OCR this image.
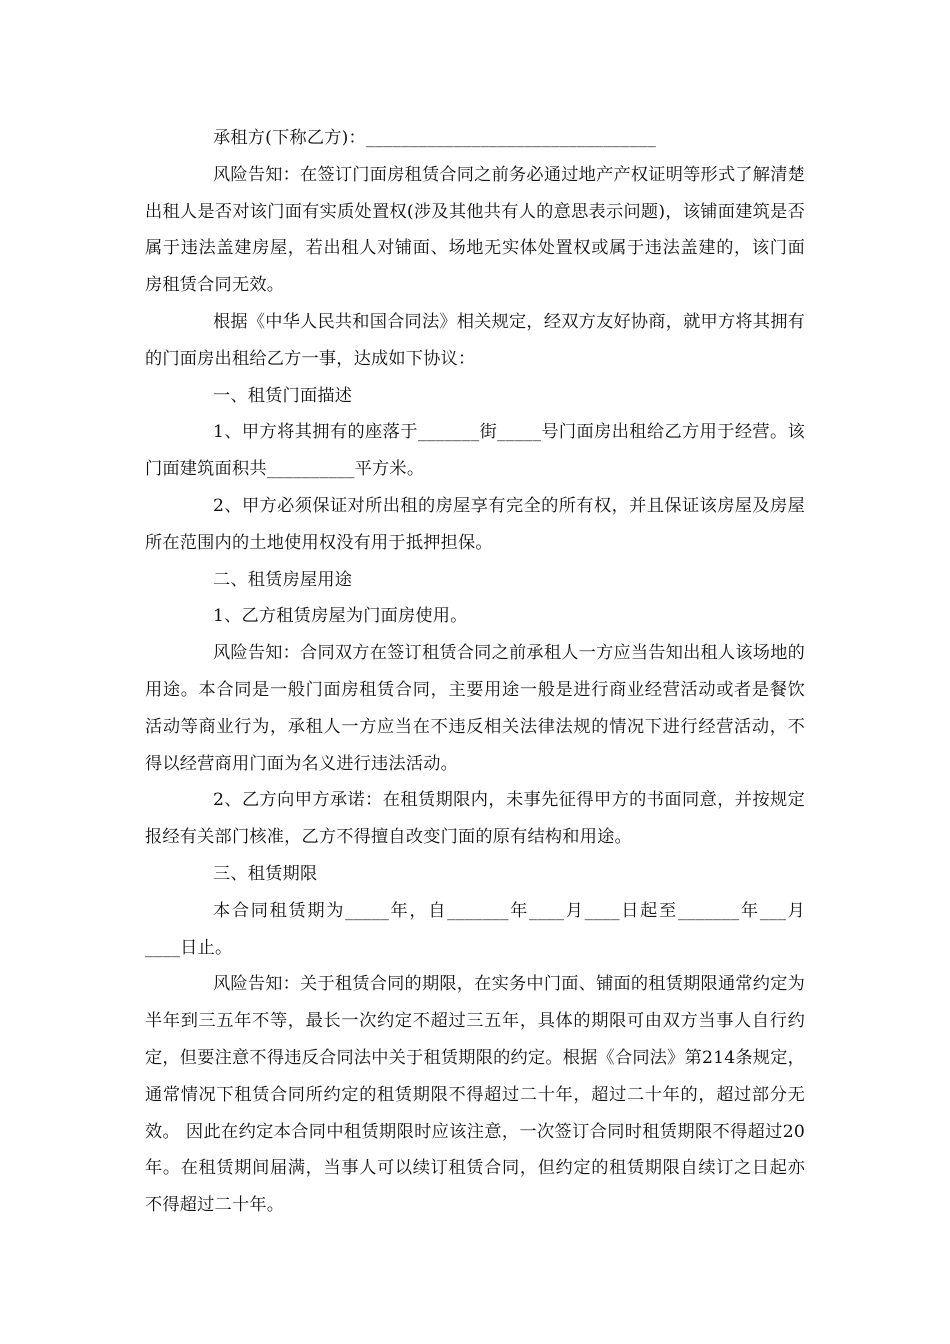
承租方(下称乙方)：_________________________________

风险告知：在签订门面房租赁合同之前务必通过地产产权证明等形式了解清楚出租人是否对该门面有实质处置权(涉及其他共有人的意思表示问题)，该铺面建筑是否属于违法盖建房屋，若出租人对铺面、场地无实体处置权或属于违法盖建的，该门面房租赁合同无效。

根据《中华人民共和国合同法》相关规定，经双方友好协商，就甲方将其拥有的门面房出租给乙方一事，达成如下协议：

一、租赁门面描述

1、甲方将其拥有的座落于_______街_____号门面房出租给乙方用于经营。该门面建筑面积共__________平方米。

2、甲方必须保证对所出租的房屋享有完全的所有权，并且保证该房屋及房屋所在范围内的土地使用权没有用于抵押担保。

二、租赁房屋用途

1、乙方租赁房屋为门面房使用。

风险告知：合同双方在签订租赁合同之前承租人一方应当告知出租人该场地的用途。本合同是一般门面房租赁合同，主要用途一般是进行商业经营活动或者是餐饮活动等商业行为，承租人一方应当在不违反相关法律法规的情况下进行经营活动，不得以经营商用门面为名义进行违法活动。

2、乙方向甲方承诺：在租赁期限内，未事先征得甲方的书面同意，并按规定报经有关部门核准，乙方不得擅自改变门面的原有结构和用途。

三、租赁期限

本合同租赁期为_____年，自_______年____月____日起至_______年___月 ____日止。

风险告知：关于租赁合同的期限，在实务中门面、铺面的租赁期限通常约定为半年到三五年不等，最长一次约定不超过三五年，具体的期限可由双方当事人自行约定，但要注意不得违反合同法中关于租赁期限的约定。根据《合同法》第214条规定，通常情况下租赁合同所约定的租赁期限不得超过二十年，超过二十年的，超过部分无效。 因此在约定本合同中租赁期限时应该注意，一次签订合同时租赁期限不得超过20年。在租赁期间届满，当事人可以续订租赁合同，但约定的租赁期限自续订之日起亦不得超过二十年。
